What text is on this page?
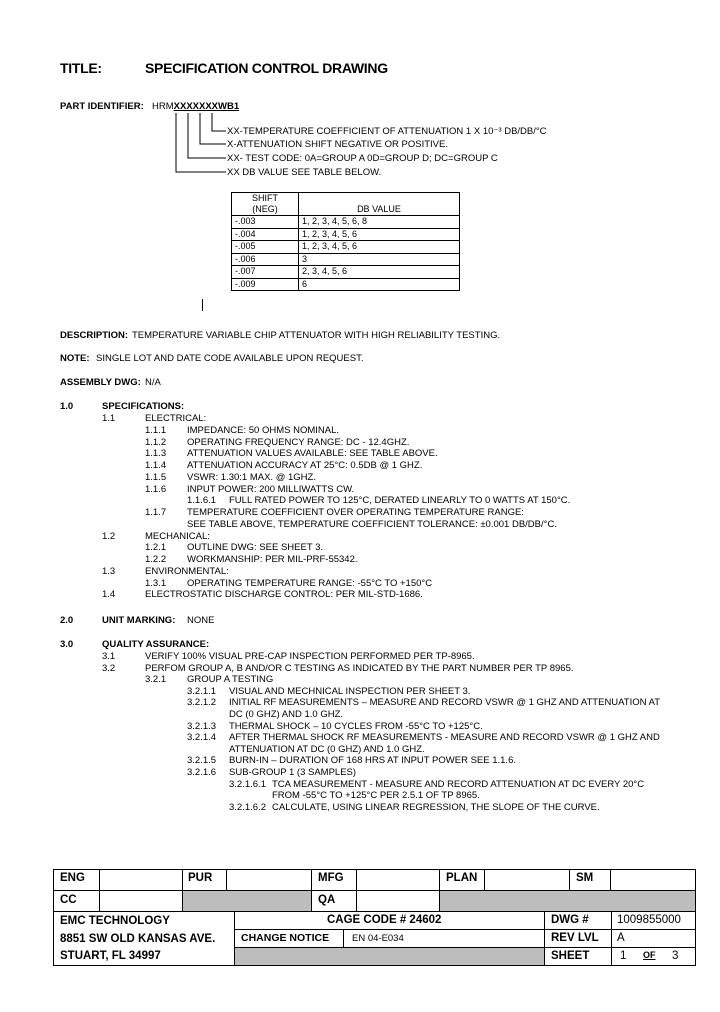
TITLE:	SPECIFICATION CONTROL DRAWING
PART IDENTIFIER: HRMXXXXXXXWB1
XX-TEMPERATURE COEFFICIENT OF ATTENUATION 1 X 10⁻³ DB/DB/°C
X-ATTENUATION SHIFT NEGATIVE OR POSITIVE.
XX- TEST CODE: 0A=GROUP A 0D=GROUP D; DC=GROUP C
XX DB VALUE SEE TABLE BELOW.
SHIFT
(NEG)	DB VALUE
-.003	1, 2, 3, 4, 5, 6, 8
-.004	1, 2, 3, 4, 5, 6
-.005	1, 2, 3, 4, 5, 6
-.006	3
-.007	2, 3, 4, 5, 6
-.009	6
DESCRIPTION: TEMPERATURE VARIABLE CHIP ATTENUATOR WITH HIGH RELIABILITY TESTING.
NOTE: SINGLE LOT AND DATE CODE AVAILABLE UPON REQUEST.
ASSEMBLY DWG: N/A
1.0	SPECIFICATIONS:
1.1	ELECTRICAL:
1.1.1 IMPEDANCE: 50 OHMS NOMINAL.
1.1.2 OPERATING FREQUENCY RANGE: DC - 12.4GHZ.
1.1.3 ATTENUATION VALUES AVAILABLE: SEE TABLE ABOVE.
1.1.4 ATTENUATION ACCURACY AT 25°C: 0.5DB @ 1 GHZ.
1.1.5 VSWR: 1.30:1 MAX. @ 1GHZ.
1.1.6 INPUT POWER: 200 MILLIWATTS CW.
1.1.6.1 FULL RATED POWER TO 125°C, DERATED LINEARLY TO 0 WATTS AT 150°C.
1.1.7 TEMPERATURE COEFFICIENT OVER OPERATING TEMPERATURE RANGE:
SEE TABLE ABOVE, TEMPERATURE COEFFICIENT TOLERANCE: ±0.001 DB/DB/°C.
1.2	MECHANICAL:
1.2.1 OUTLINE DWG: SEE SHEET 3.
1.2.2 WORKMANSHIP: PER MIL-PRF-55342.
1.3	ENVIRONMENTAL:
1.3.1 OPERATING TEMPERATURE RANGE: -55°C TO +150°C
1.4	ELECTROSTATIC DISCHARGE CONTROL: PER MIL-STD-1686.
2.0	UNIT MARKING: NONE
3.0	QUALITY ASSURANCE:
3.1	VERIFY 100% VISUAL PRE-CAP INSPECTION PERFORMED PER TP-8965.
3.2	PERFOM GROUP A, B AND/OR C TESTING AS INDICATED BY THE PART NUMBER PER TP 8965.
3.2.1 GROUP A TESTING
3.2.1.1 VISUAL AND MECHNICAL INSPECTION PER SHEET 3.
3.2.1.2 INITIAL RF MEASUREMENTS – MEASURE AND RECORD VSWR @ 1 GHZ AND ATTENUATION AT
DC (0 GHZ) AND 1.0 GHZ.
3.2.1.3 THERMAL SHOCK – 10 CYCLES FROM -55°C TO +125°C.
3.2.1.4 AFTER THERMAL SHOCK RF MEASUREMENTS - MEASURE AND RECORD VSWR @ 1 GHZ AND
ATTENUATION AT DC (0 GHZ) AND 1.0 GHZ.
3.2.1.5 BURN-IN – DURATION OF 168 HRS AT INPUT POWER SEE 1.1.6.
3.2.1.6 SUB-GROUP 1 (3 SAMPLES)
3.2.1.6.1 TCA MEASUREMENT - MEASURE AND RECORD ATTENUATION AT DC EVERY 20°C
FROM -55°C TO +125°C PER 2.5.1 OF TP 8965.
3.2.1.6.2 CALCULATE, USING LINEAR REGRESSION, THE SLOPE OF THE CURVE.
ENG	PUR	MFG	PLAN	SM
CC	QA
EMC TECHNOLOGY
8851 SW OLD KANSAS AVE.
STUART, FL 34997
CAGE CODE # 24602	DWG # 1009855000
CHANGE NOTICE EN 04-E034	REV LVL A
SHEET	1 OF 3
